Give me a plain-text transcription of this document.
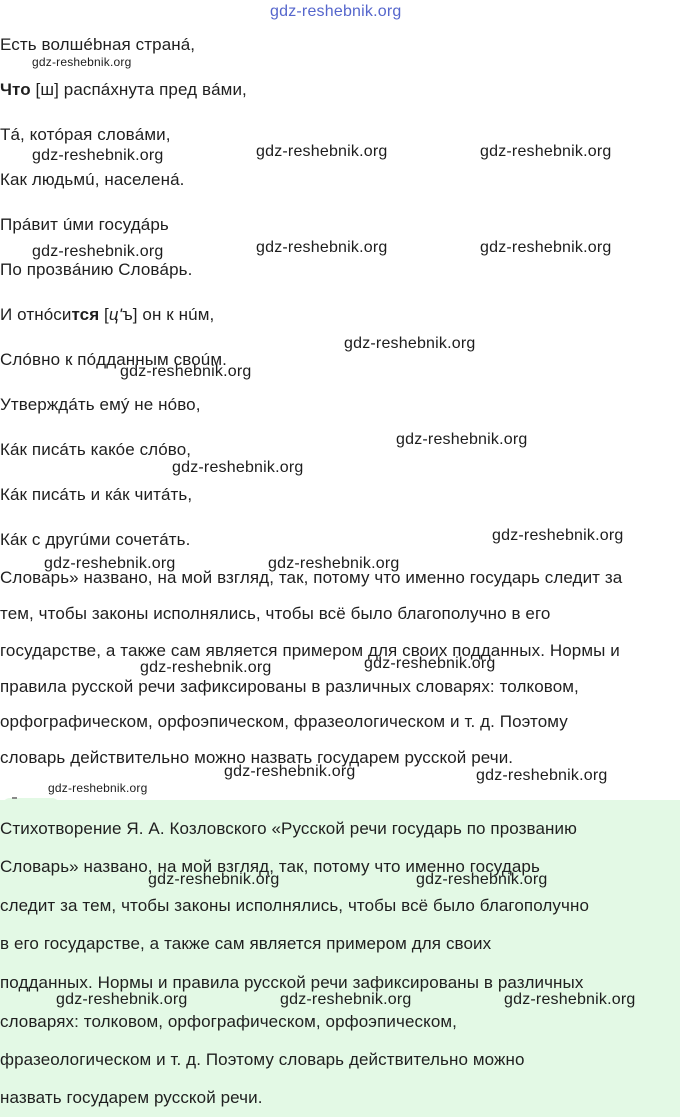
gdz-reshebnik.org
Есть волшébная странá,
Что [ш] распáхнута пред вáми,
Тá, котóрая словáми,
Как людьмú, населенá.
Прáвит úми госудáрь
По прозвáнию Словáрь.
И отнóсится [ц'ъ] он к нúм,
Слóвно к пóдданным своúм.
Утверждáть емý не нóво,
Кáк писáть какóе слóво,
Кáк писáть и кáк читáть,
Кáк с другúми сочетáть.
Словарь» названо, на мой взгляд, так, потому что именно государь следит за
тем, чтобы законы исполнялись, чтобы всё было благополучно в его
государстве, а также сам является примером для своих подданных. Нормы и
правила русской речи зафиксированы в различных словарях: толковом,
орфографическом, орфоэпическом, фразеологическом и т. д. Поэтому
словарь действительно можно назвать государем русской речи.
Стихотворение Я. А. Козловского «Русской речи государь по прозванию
Словарь» названо, на мой взгляд, так, потому что именно государь
следит за тем, чтобы законы исполнялись, чтобы всё было благополучно
в его государстве, а также сам является примером для своих
подданных. Нормы и правила русской речи зафиксированы в различных
словарях: толковом, орфографическом, орфоэпическом,
фразеологическом и т. д. Поэтому словарь действительно можно
назвать государем русской речи.
gdz-reshebnik.org
gdz-reshebnik.org	gdz-reshebnik.org	gdz-reshebnik.org
gdz-reshebnik.org	gdz-reshebnik.org	gdz-reshebnik.org
gdz-reshebnik.org
gdz-reshebnik.org
gdz-reshebnik.org
gdz-reshebnik.org
gdz-reshebnik.org
gdz-reshebnik.org	gdz-reshebnik.org
gdz-reshebnik.org	gdz-reshebnik.org
gdz-reshebnik.org
gdz-reshebnik.org	gdz-reshebnik.org
gdz-reshebnik.org	gdz-reshebnik.org
gdz-reshebnik.org	gdz-reshebnik.org	gdz-reshebnik.org
